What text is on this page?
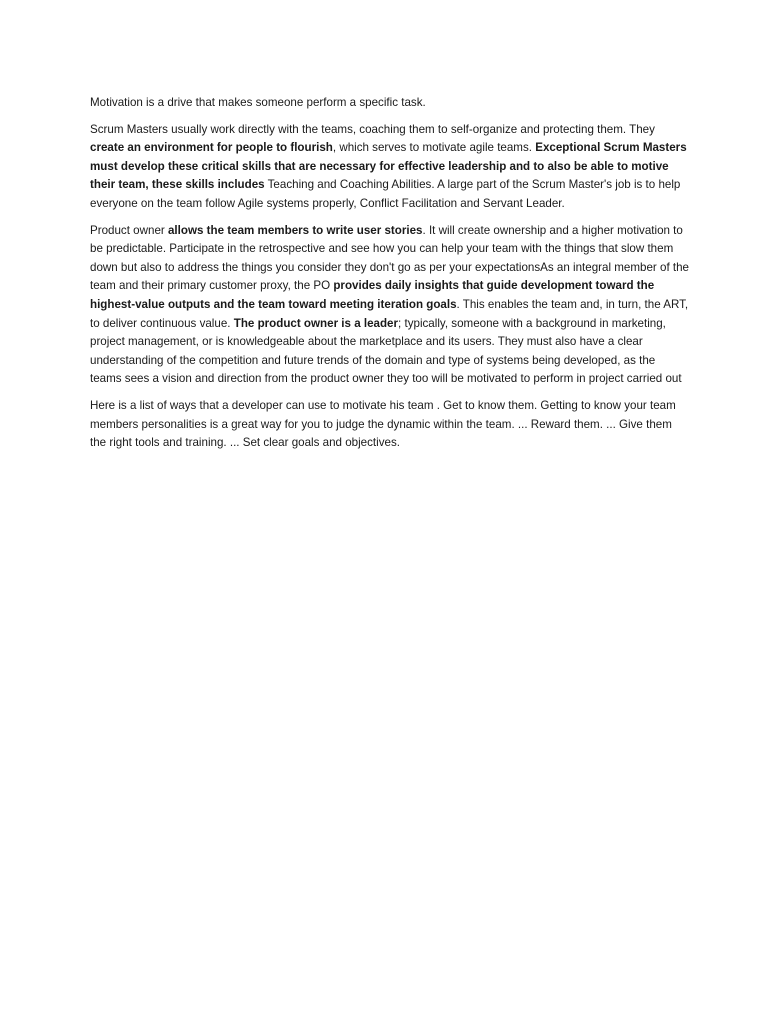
Motivation is a drive that makes someone perform a specific task.

Scrum Masters usually work directly with the teams, coaching them to self-organize and protecting them. They create an environment for people to flourish, which serves to motivate agile teams. Exceptional Scrum Masters must develop these critical skills that are necessary for effective leadership and to also be able to motive their team, these skills includes Teaching and Coaching Abilities. A large part of the Scrum Master's job is to help everyone on the team follow Agile systems properly, Conflict Facilitation and Servant Leader.

Product owner allows the team members to write user stories. It will create ownership and a higher motivation to be predictable. Participate in the retrospective and see how you can help your team with the things that slow them down but also to address the things you consider they don't go as per your expectationsAs an integral member of the team and their primary customer proxy, the PO provides daily insights that guide development toward the highest-value outputs and the team toward meeting iteration goals. This enables the team and, in turn, the ART, to deliver continuous value. The product owner is a leader; typically, someone with a background in marketing, project management, or is knowledgeable about the marketplace and its users. They must also have a clear understanding of the competition and future trends of the domain and type of systems being developed, as the teams sees a vision and direction from the product owner they too will be motivated to perform in project carried out

Here is a list of ways that a developer can use to motivate his team . Get to know them. Getting to know your team members personalities is a great way for you to judge the dynamic within the team. ... Reward them. ... Give them the right tools and training. ... Set clear goals and objectives.
